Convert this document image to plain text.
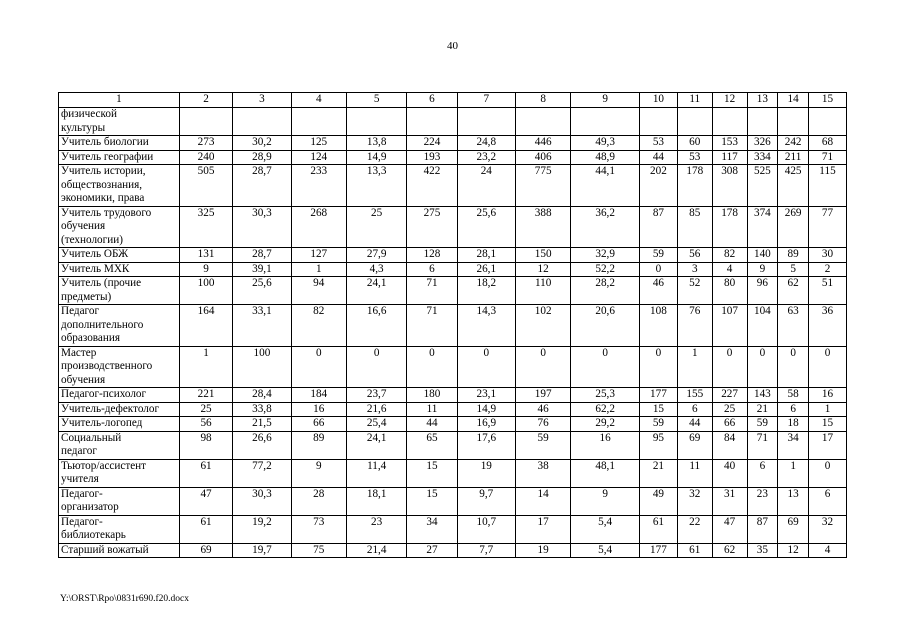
40
1	2	3	4	5	6	7	8	9	10	11	12	13	14	15
физической
культуры														
Учитель биологии	273	30,2	125	13,8	224	24,8	446	49,3	53	60	153	326	242	68
Учитель географии	240	28,9	124	14,9	193	23,2	406	48,9	44	53	117	334	211	71
Учитель истории,
обществознания,
экономики, права	505	28,7	233	13,3	422	24	775	44,1	202	178	308	525	425	115
Учитель трудового
обучения
(технологии)	325	30,3	268	25	275	25,6	388	36,2	87	85	178	374	269	77
Учитель ОБЖ	131	28,7	127	27,9	128	28,1	150	32,9	59	56	82	140	89	30
Учитель МХК	9	39,1	1	4,3	6	26,1	12	52,2	0	3	4	9	5	2
Учитель (прочие
предметы)	100	25,6	94	24,1	71	18,2	110	28,2	46	52	80	96	62	51
Педагог
дополнительного
образования	164	33,1	82	16,6	71	14,3	102	20,6	108	76	107	104	63	36
Мастер
производственного
обучения	1	100	0	0	0	0	0	0	0	1	0	0	0	0
Педагог-психолог	221	28,4	184	23,7	180	23,1	197	25,3	177	155	227	143	58	16
Учитель-дефектолог	25	33,8	16	21,6	11	14,9	46	62,2	15	6	25	21	6	1
Учитель-логопед	56	21,5	66	25,4	44	16,9	76	29,2	59	44	66	59	18	15
Социальный
педагог	98	26,6	89	24,1	65	17,6	59	16	95	69	84	71	34	17
Тьютор/ассистент
учителя	61	77,2	9	11,4	15	19	38	48,1	21	11	40	6	1	0
Педагог-
организатор	47	30,3	28	18,1	15	9,7	14	9	49	32	31	23	13	6
Педагог-
библиотекарь	61	19,2	73	23	34	10,7	17	5,4	61	22	47	87	69	32
Старший вожатый	69	19,7	75	21,4	27	7,7	19	5,4	177	61	62	35	12	4
Y:\ORST\Rpo\0831r690.f20.docx
